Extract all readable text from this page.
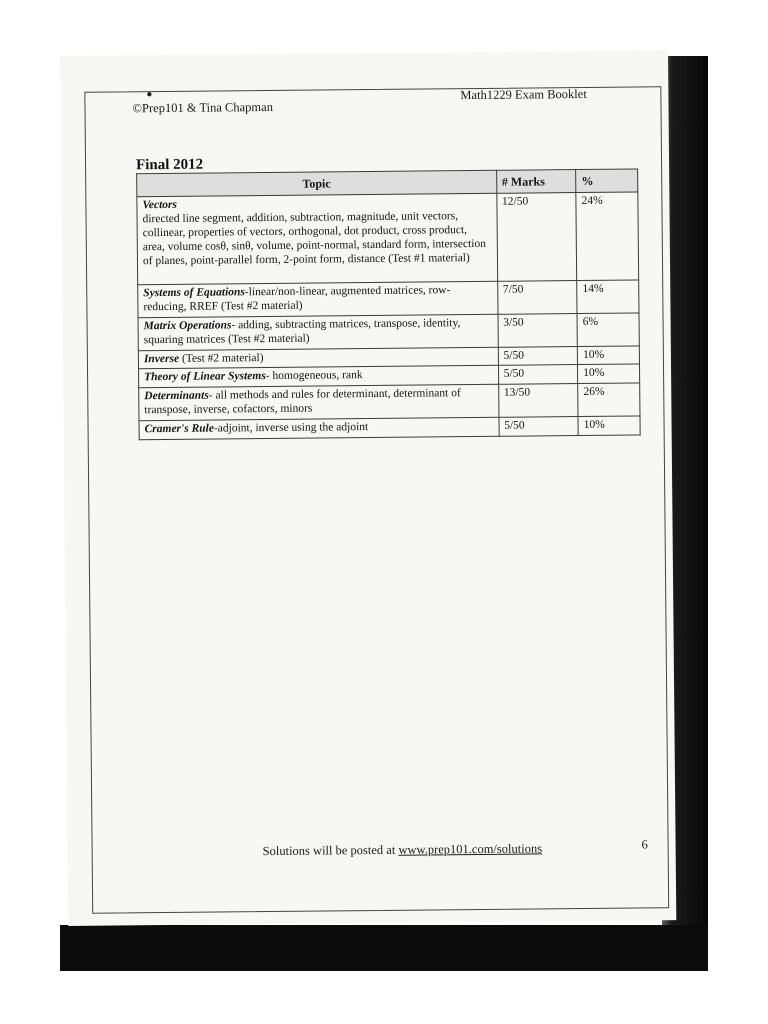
●
©Prep101 & Tina Chapman
Math1229 Exam Booklet
Final 2012
Topic	# Marks	%

Vectors
directed line segment, addition, subtraction, magnitude, unit vectors, collinear, properties of vectors, orthogonal, dot product, cross product, area, volume cosθ, sinθ, volume, point-normal, standard form, intersection of planes, point-parallel form, 2-point form, distance (Test #1 material)	12/50	24%
Systems of Equations-linear/non-linear, augmented matrices, row-reducing, RREF (Test #2 material)	7/50	14%
Matrix Operations- adding, subtracting matrices, transpose, identity, squaring matrices (Test #2 material)	3/50	6%
Inverse (Test #2 material)	5/50	10%
Theory of Linear Systems- homogeneous, rank	5/50	10%
Determinants- all methods and rules for determinant, determinant of transpose, inverse, cofactors, minors	13/50	26%
Cramer's Rule-adjoint, inverse using the adjoint	5/50	10%
Solutions will be posted at www.prep101.com/solutions	6
